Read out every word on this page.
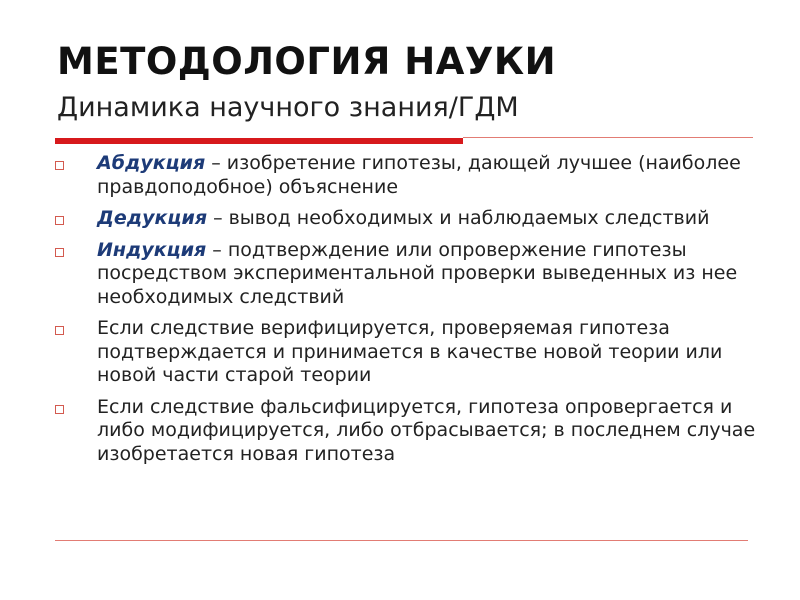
МЕТОДОЛОГИЯ НАУКИ
Динамика научного знания/ГДМ
Абдукция – изобретение гипотезы, дающей лучшее (наиболее правдоподобное) объяснение
Дедукция – вывод необходимых и наблюдаемых следствий
Индукция – подтверждение или опровержение гипотезы посредством экспериментальной проверки выведенных из нее необходимых следствий
Если следствие верифицируется, проверяемая гипотеза подтверждается и принимается в качестве новой теории или новой части старой теории
Если следствие фальсифицируется, гипотеза опровергается и либо модифицируется, либо отбрасывается; в последнем случае изобретается новая гипотеза
